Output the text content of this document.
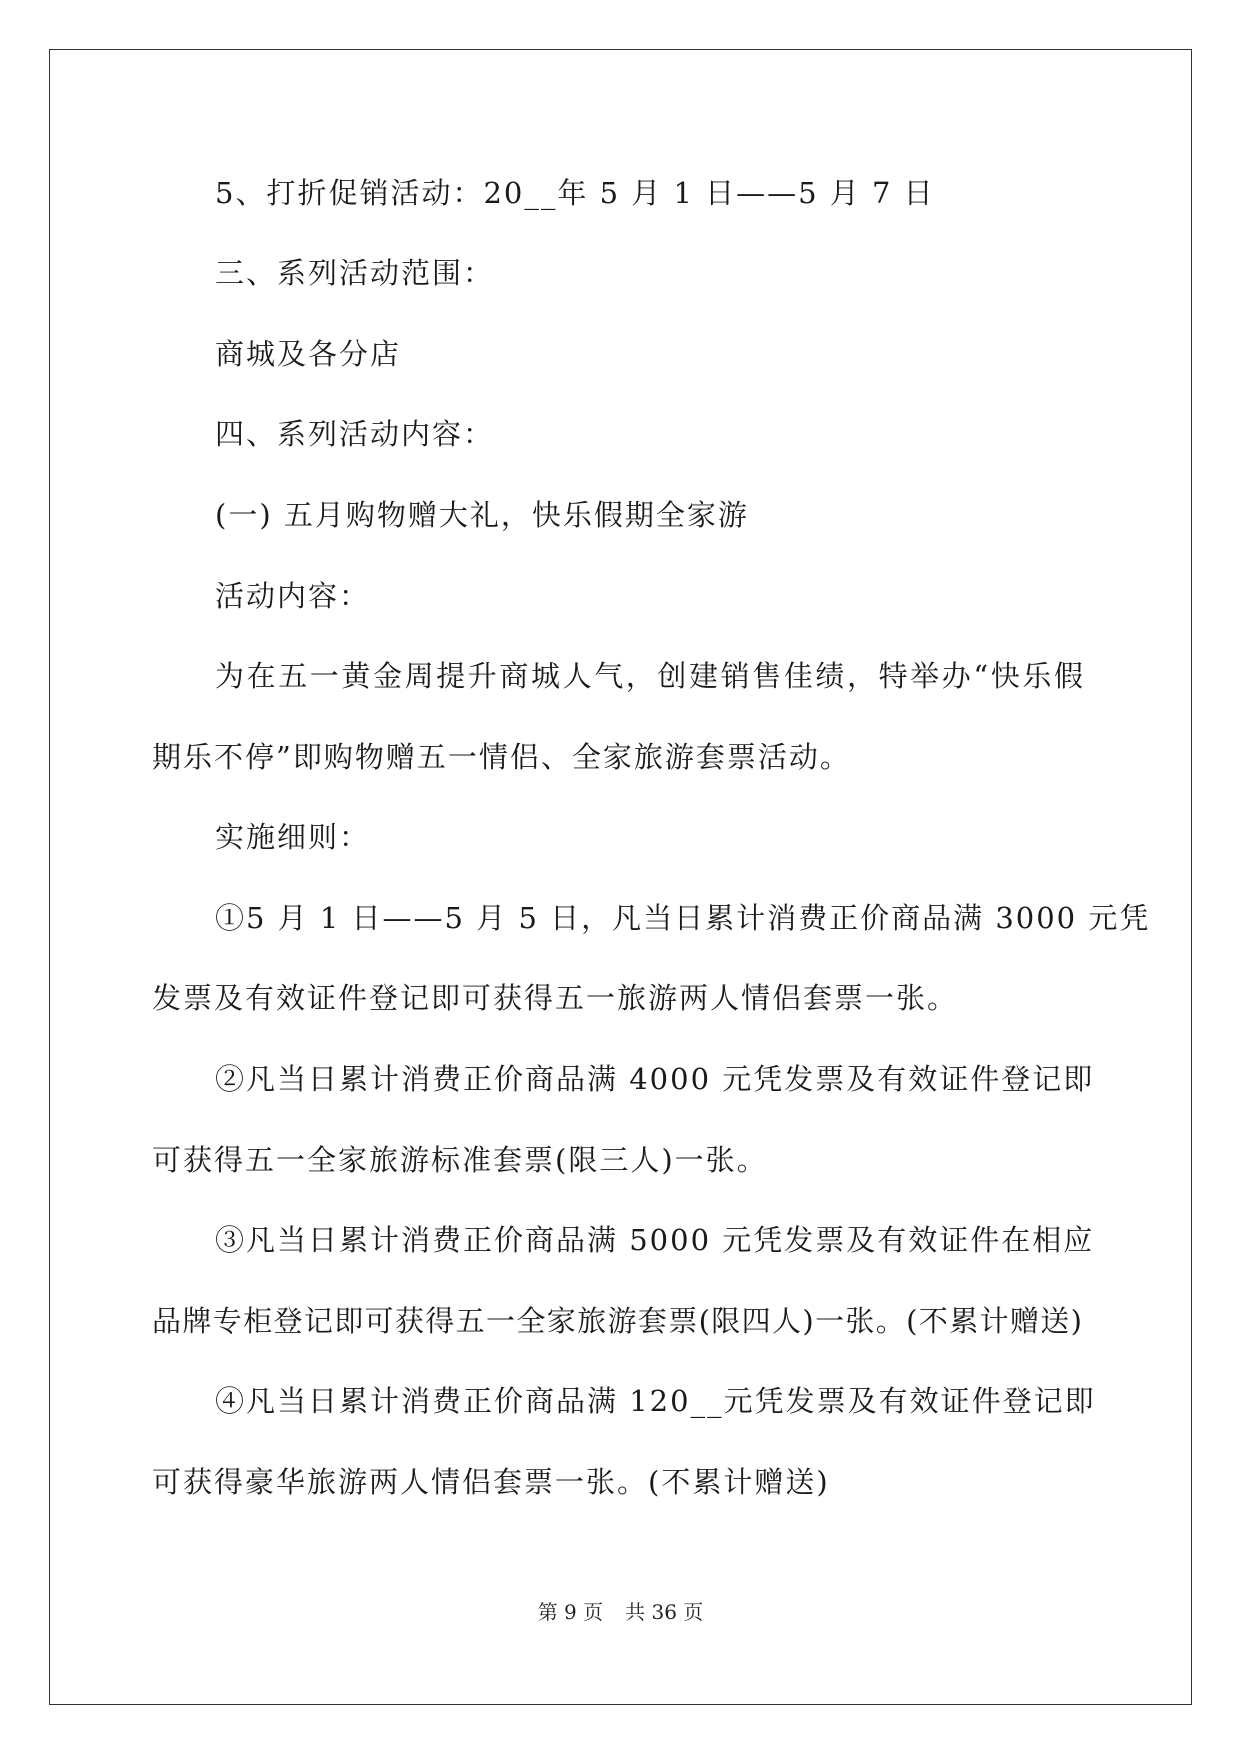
5、打折促销活动：20__年 5 月 1 日——5 月 7 日
三、系列活动范围：
商城及各分店
四、系列活动内容：
(一) 五月购物赠大礼，快乐假期全家游
活动内容：
为在五一黄金周提升商城人气，创建销售佳绩，特举办“快乐假
期乐不停”即购物赠五一情侣、全家旅游套票活动。
实施细则：
①5 月 1 日——5 月 5 日，凡当日累计消费正价商品满 3000 元凭
发票及有效证件登记即可获得五一旅游两人情侣套票一张。
②凡当日累计消费正价商品满 4000 元凭发票及有效证件登记即
可获得五一全家旅游标准套票(限三人)一张。
③凡当日累计消费正价商品满 5000 元凭发票及有效证件在相应
品牌专柜登记即可获得五一全家旅游套票(限四人)一张。(不累计赠送)
④凡当日累计消费正价商品满 120__元凭发票及有效证件登记即
可获得豪华旅游两人情侣套票一张。(不累计赠送)
第 9 页 共 36 页
